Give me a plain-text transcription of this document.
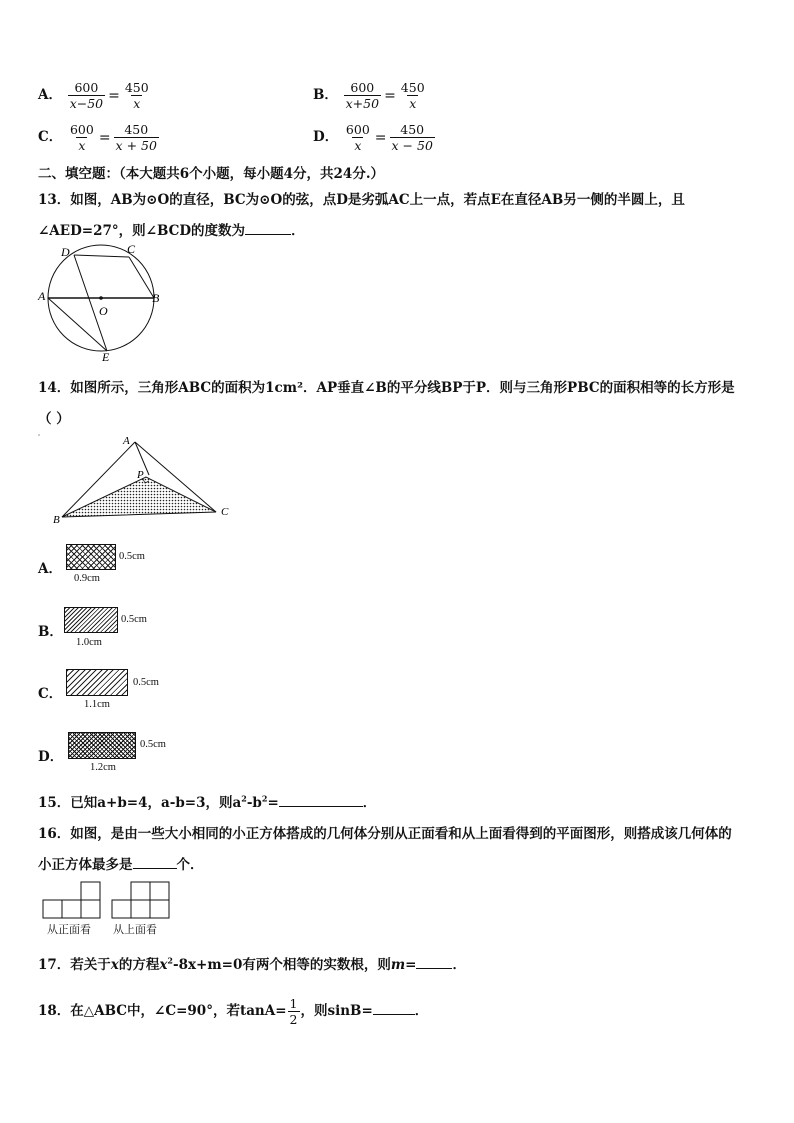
A． $\frac{600}{x-50} = \frac{450}{x}$	B． $\frac{600}{x+50} = \frac{450}{x}$
C． $\frac{600}{x} = \frac{450}{x + 50}$	D． $\frac{600}{x} = \frac{450}{x - 50}$
二、填空题：（本大题共6个小题，每小题4分，共24分.）
13．如图，AB为⊙O的直径，BC为⊙O的弦，点D是劣弧AC上一点，若点E在直径AB另一侧的半圆上，且
∠AED=27°，则∠BCD的度数为	．
D	C
A	B
O
E
14．如图所示，三角形ABC的面积为1cm²．AP垂直∠B的平分线BP于P．则与三角形PBC的面积相等的长方形是
（ ）
A
P
B
C
A．
0.5cm
0.9cm
B．
0.5cm
1.0cm
C．
0.5cm
1.1cm
D．
0.5cm
1.2cm
15．已知a+b=4，a-b=3，则$a^2-b^2=$	．
16．如图，是由一些大小相同的小正方体搭成的几何体分别从正面看和从上面看得到的平面图形，则搭成该几何体的
小正方体最多是	个．
从正面看 从上面看
17．若关于x的方程$x^2-8x+m=0$有两个相等的实数根，则m=	．
18．在△ABC中，∠C=90°，若$\tan A= \frac{1}{2}$ ，则sinB=	．
